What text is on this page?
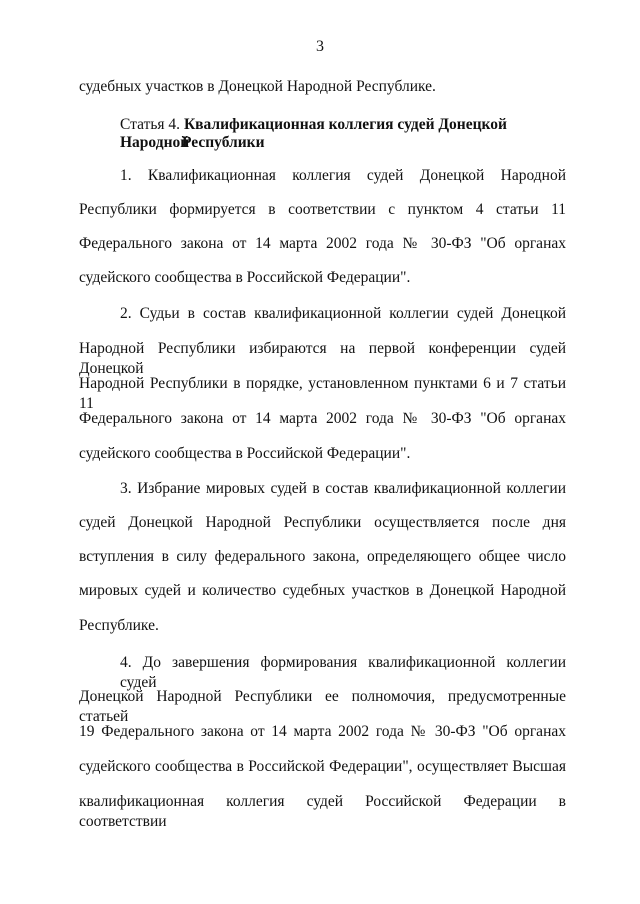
3
судебных участков в Донецкой Народной Республике.
Статья 4. Квалификационная коллегия судей Донецкой Народной
Республики
1. Квалификационная коллегия судей Донецкой Народной
Республики формируется в соответствии с пунктом 4 статьи 11
Федерального закона от 14 марта 2002 года № 30-ФЗ "Об органах
судейского сообщества в Российской Федерации".
2. Судьи в состав квалификационной коллегии судей Донецкой
Народной Республики избираются на первой конференции судей Донецкой
Народной Республики в порядке, установленном пунктами 6 и 7 статьи 11
Федерального закона от 14 марта 2002 года № 30-ФЗ "Об органах
судейского сообщества в Российской Федерации".
3. Избрание мировых судей в состав квалификационной коллегии
судей Донецкой Народной Республики осуществляется после дня
вступления в силу федерального закона, определяющего общее число
мировых судей и количество судебных участков в Донецкой Народной
Республике.
4. До завершения формирования квалификационной коллегии судей
Донецкой Народной Республики ее полномочия, предусмотренные статьей
19 Федерального закона от 14 марта 2002 года № 30-ФЗ "Об органах
судейского сообщества в Российской Федерации", осуществляет Высшая
квалификационная коллегия судей Российской Федерации в соответствии
